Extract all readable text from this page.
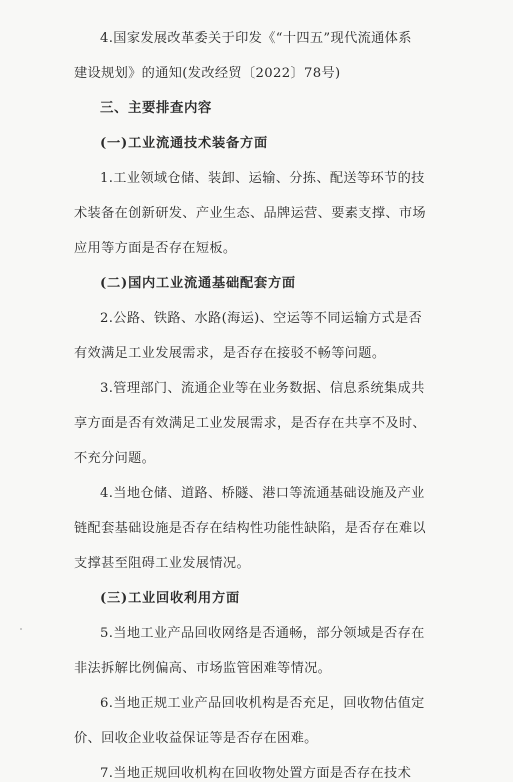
4.国家发展改革委关于印发《“十四五”现代流通体系

建设规划》的通知(发改经贸〔2022〕78号)

三、主要排查内容

(一)工业流通技术装备方面

1.工业领域仓储、装卸、运输、分拣、配送等环节的技

术装备在创新研发、产业生态、品牌运营、要素支撑、市场

应用等方面是否存在短板。

(二)国内工业流通基础配套方面

2.公路、铁路、水路(海运)、空运等不同运输方式是否

有效满足工业发展需求，是否存在接驳不畅等问题。

3.管理部门、流通企业等在业务数据、信息系统集成共

享方面是否有效满足工业发展需求，是否存在共享不及时、

不充分问题。

4.当地仓储、道路、桥隧、港口等流通基础设施及产业

链配套基础设施是否存在结构性功能性缺陷，是否存在难以

支撑甚至阻碍工业发展情况。

(三)工业回收利用方面

5.当地工业产品回收网络是否通畅，部分领域是否存在

非法拆解比例偏高、市场监管困难等情况。

6.当地正规工业产品回收机构是否充足，回收物估值定

价、回收企业收益保证等是否存在困难。

7.当地正规回收机构在回收物处置方面是否存在技术
